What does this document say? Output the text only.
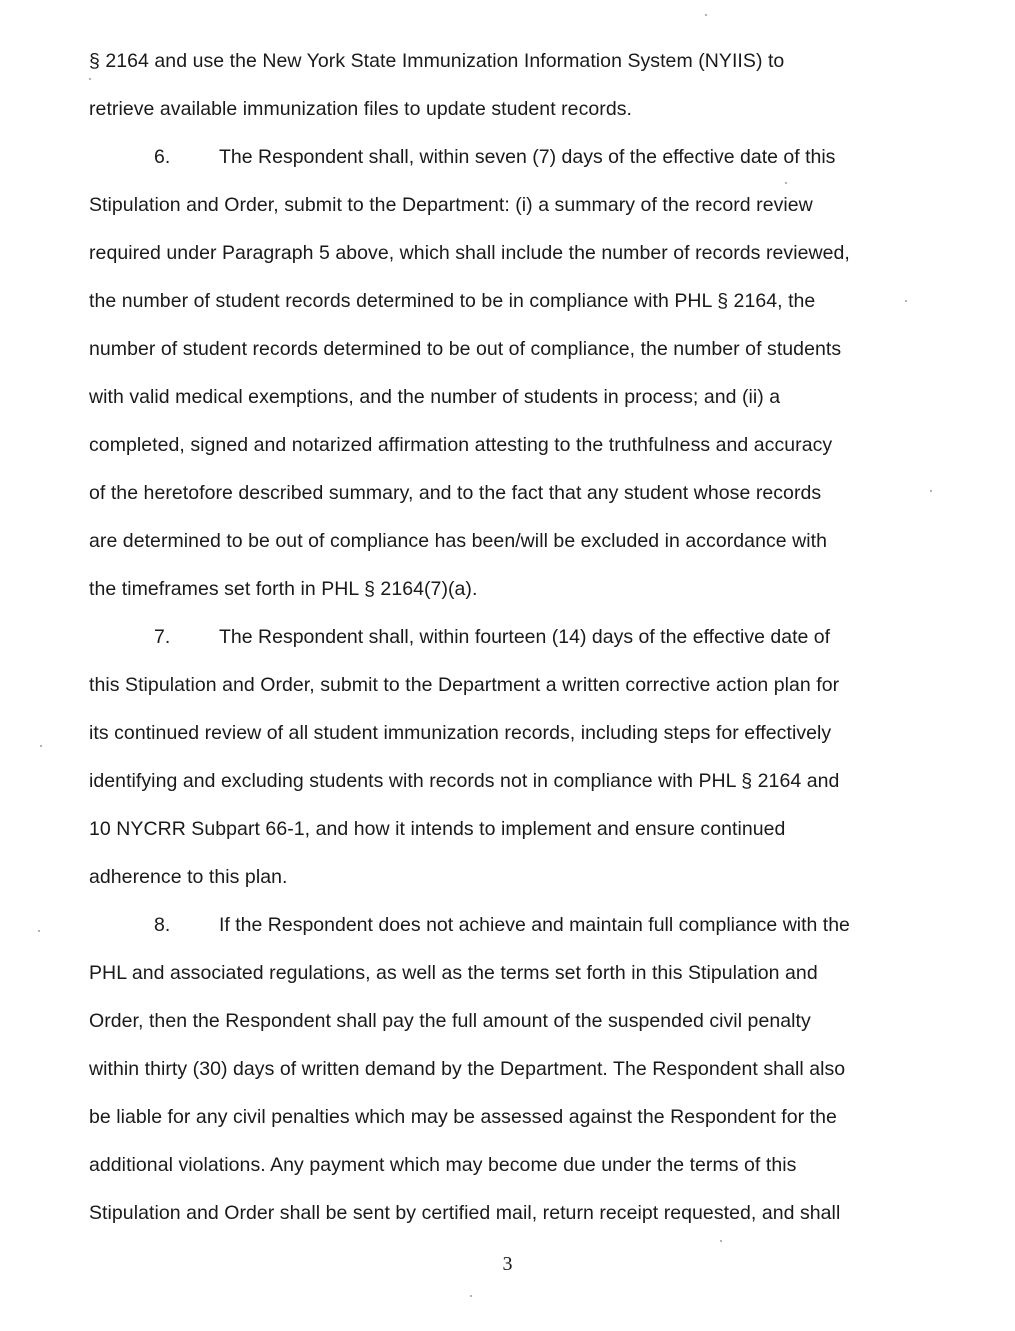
§ 2164 and use the New York State Immunization Information System (NYIIS) to
retrieve available immunization files to update student records.
6. The Respondent shall, within seven (7) days of the effective date of this
Stipulation and Order, submit to the Department: (i) a summary of the record review
required under Paragraph 5 above, which shall include the number of records reviewed,
the number of student records determined to be in compliance with PHL § 2164, the
number of student records determined to be out of compliance, the number of students
with valid medical exemptions, and the number of students in process; and (ii) a
completed, signed and notarized affirmation attesting to the truthfulness and accuracy
of the heretofore described summary, and to the fact that any student whose records
are determined to be out of compliance has been/will be excluded in accordance with
the timeframes set forth in PHL § 2164(7)(a).
7. The Respondent shall, within fourteen (14) days of the effective date of
this Stipulation and Order, submit to the Department a written corrective action plan for
its continued review of all student immunization records, including steps for effectively
identifying and excluding students with records not in compliance with PHL § 2164 and
10 NYCRR Subpart 66-1, and how it intends to implement and ensure continued
adherence to this plan.
8. If the Respondent does not achieve and maintain full compliance with the
PHL and associated regulations, as well as the terms set forth in this Stipulation and
Order, then the Respondent shall pay the full amount of the suspended civil penalty
within thirty (30) days of written demand by the Department. The Respondent shall also
be liable for any civil penalties which may be assessed against the Respondent for the
additional violations. Any payment which may become due under the terms of this
Stipulation and Order shall be sent by certified mail, return receipt requested, and shall
3
